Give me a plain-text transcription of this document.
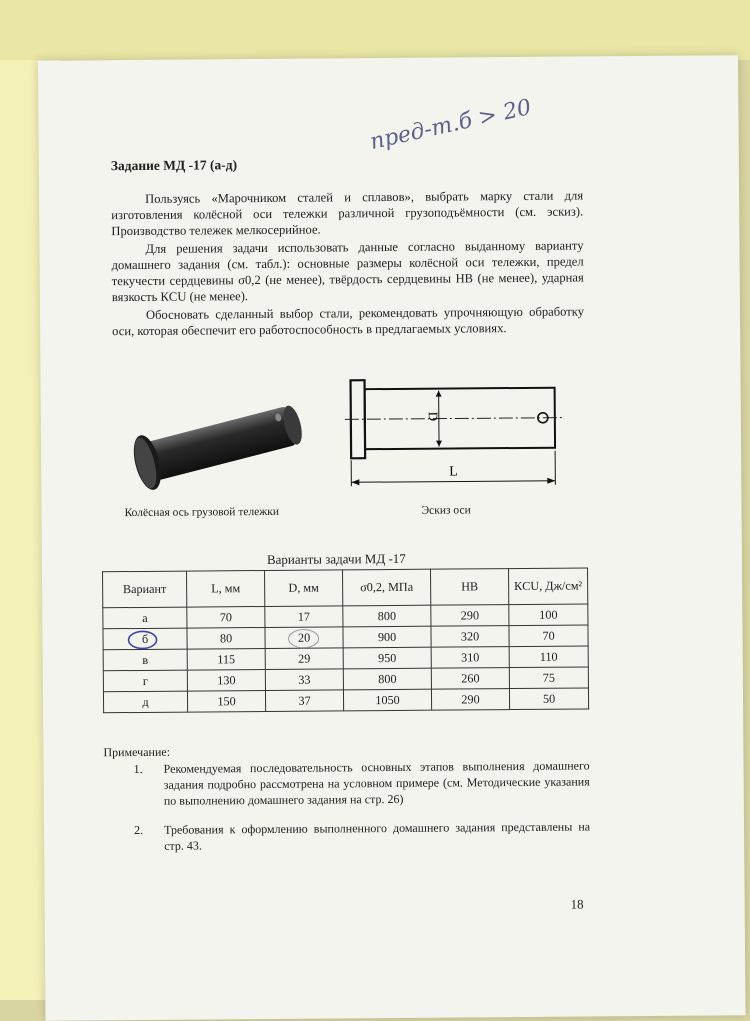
пред-т.б > 20
Задание МД -17 (а-д)
Пользуясь «Марочником сталей и сплавов», выбрать марку стали для изготовления колёсной оси тележки различной грузоподъёмности (см. эскиз). Производство тележек мелкосерийное.
Для решения задачи использовать данные согласно выданному варианту домашнего задания (см. табл.): основные размеры колёсной оси тележки, предел текучести сердцевины σ0,2 (не менее), твёрдость сердцевины НВ (не менее), ударная вязкость КCU (не менее).
Обосновать сделанный выбор стали, рекомендовать упрочняющую обработку оси, которая обеспечит его работоспособность в предлагаемых условиях.
D
L
Колёсная ось грузовой тележки	Эскиз оси
Варианты задачи МД -17
Вариант	L, мм	D, мм	σ0,2, МПа	НВ	КCU, Дж/см²
а	70	17	800	290	100
б	80	20	900	320	70
в	115	29	950	310	110
г	130	33	800	260	75
д	150	37	1050	290	50
Примечание:
1. Рекомендуемая последовательность основных этапов выполнения домашнего задания подробно рассмотрена на условном примере (см. Методические указания по выполнению домашнего задания на стр. 26)
2. Требования к оформлению выполненного домашнего задания представлены на стр. 43.
18
